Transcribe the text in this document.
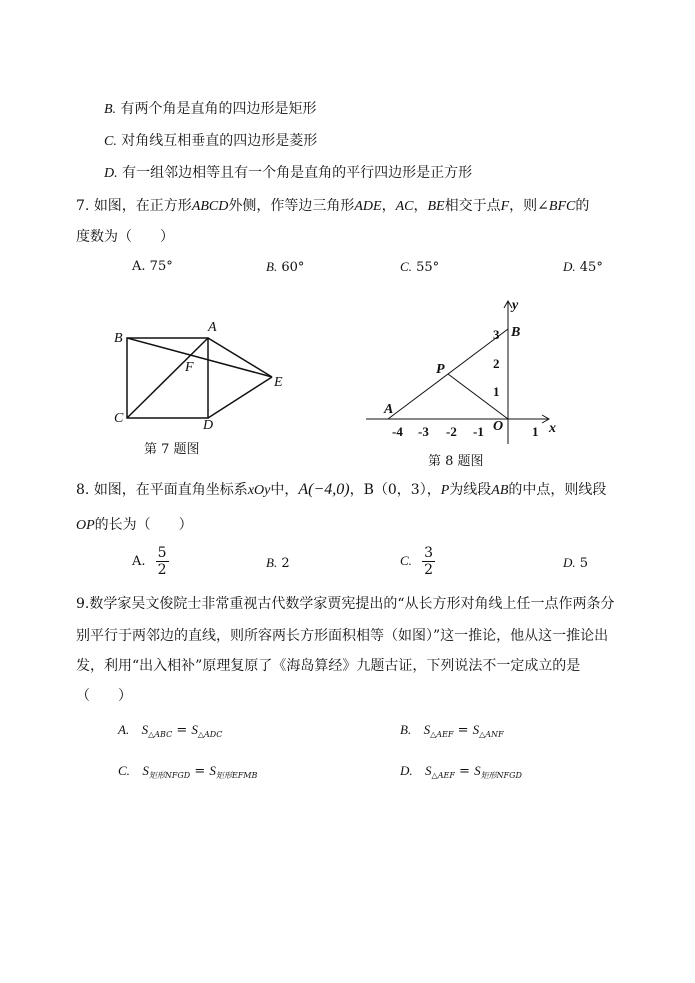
B. 有两个角是直角的四边形是矩形
C. 对角线互相垂直的四边形是菱形
D. 有一组邻边相等且有一个角是直角的平行四边形是正方形
7. 如图，在正方形ABCD外侧，作等边三角形ADE，AC，BE相交于点F，则∠BFC的
度数为（　　）
A. 75°	B. 60°	C. 55°	D. 45°
B
A
F
E
C	D
第 7 题图
-4 -3 -2 -1	1
1
2
3
O	x
y
A
B
P
第 8 题图
8. 如图，在平面直角坐标系xOy中，A(−4,0)，B（0，3），P为线段AB的中点，则线段
OP的长为（　　）
A. $\frac{5}{2}$	B. 2	C. $\frac{3}{2}$	D. 5
9.数学家吴文俊院士非常重视古代数学家贾宪提出的“从长方形对角线上任一点作两条分
别平行于两邻边的直线，则所容两长方形面积相等（如图）”这一推论，他从这一推论出
发，利用“出入相补”原理复原了《海岛算经》九题古证，下列说法不一定成立的是
（　　）
A. $S_{\triangle ABC} = S_{\triangle ADC}$	B. $S_{\triangle AEF} = S_{\triangle ANF}$
C. $S_{矩形NFGD} = S_{矩形EFMB}$	D. $S_{\triangle AEF} = S_{矩形NFGD}$
